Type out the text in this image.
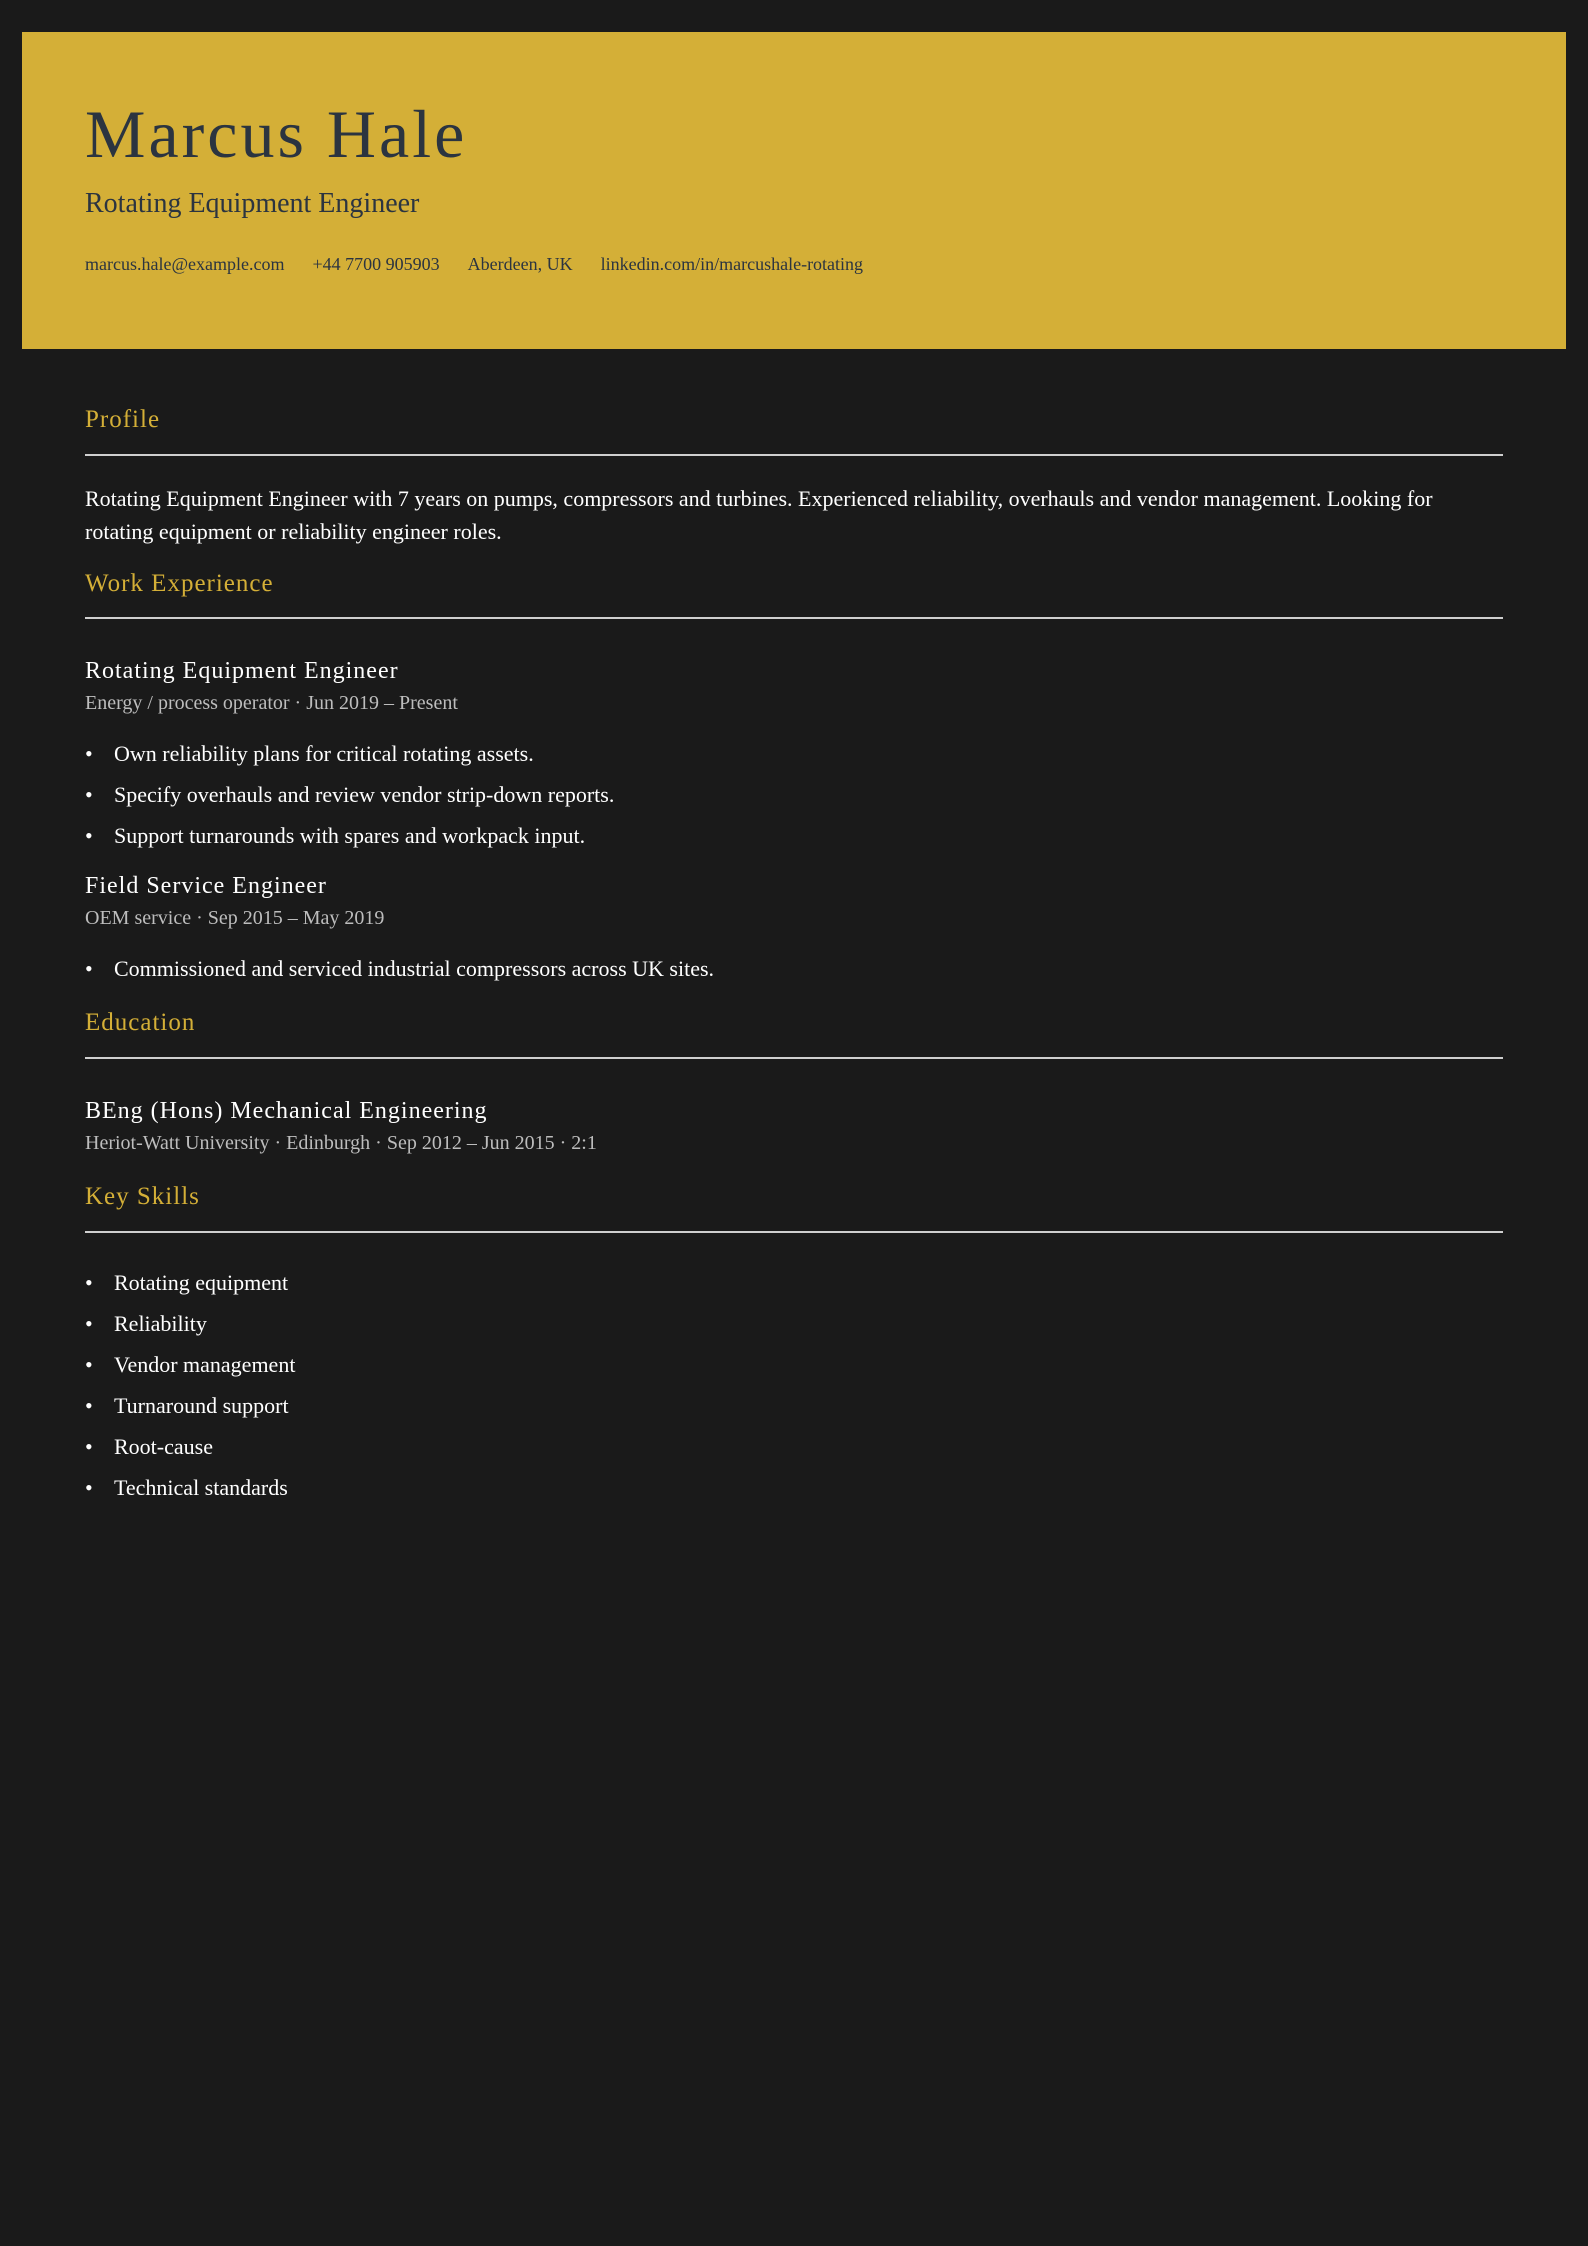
Marcus Hale
Rotating Equipment Engineer
marcus.hale@example.com +44 7700 905903 Aberdeen, UK linkedin.com/in/marcushale-rotating
Profile

Rotating Equipment Engineer with 7 years on pumps, compressors and turbines. Experienced reliability, overhauls and vendor management. Looking for rotating equipment or reliability engineer roles.

Work Experience
Rotating Equipment Engineer
Energy / process operator · Jun 2019 – Present
• Own reliability plans for critical rotating assets.
• Specify overhauls and review vendor strip-down reports.
• Support turnarounds with spares and workpack input.
Field Service Engineer
OEM service · Sep 2015 – May 2019
• Commissioned and serviced industrial compressors across UK sites.
Education
BEng (Hons) Mechanical Engineering
Heriot-Watt University · Edinburgh · Sep 2012 – Jun 2015 · 2:1
Key Skills
• Rotating equipment
• Reliability
• Vendor management
• Turnaround support
• Root-cause
• Technical standards
